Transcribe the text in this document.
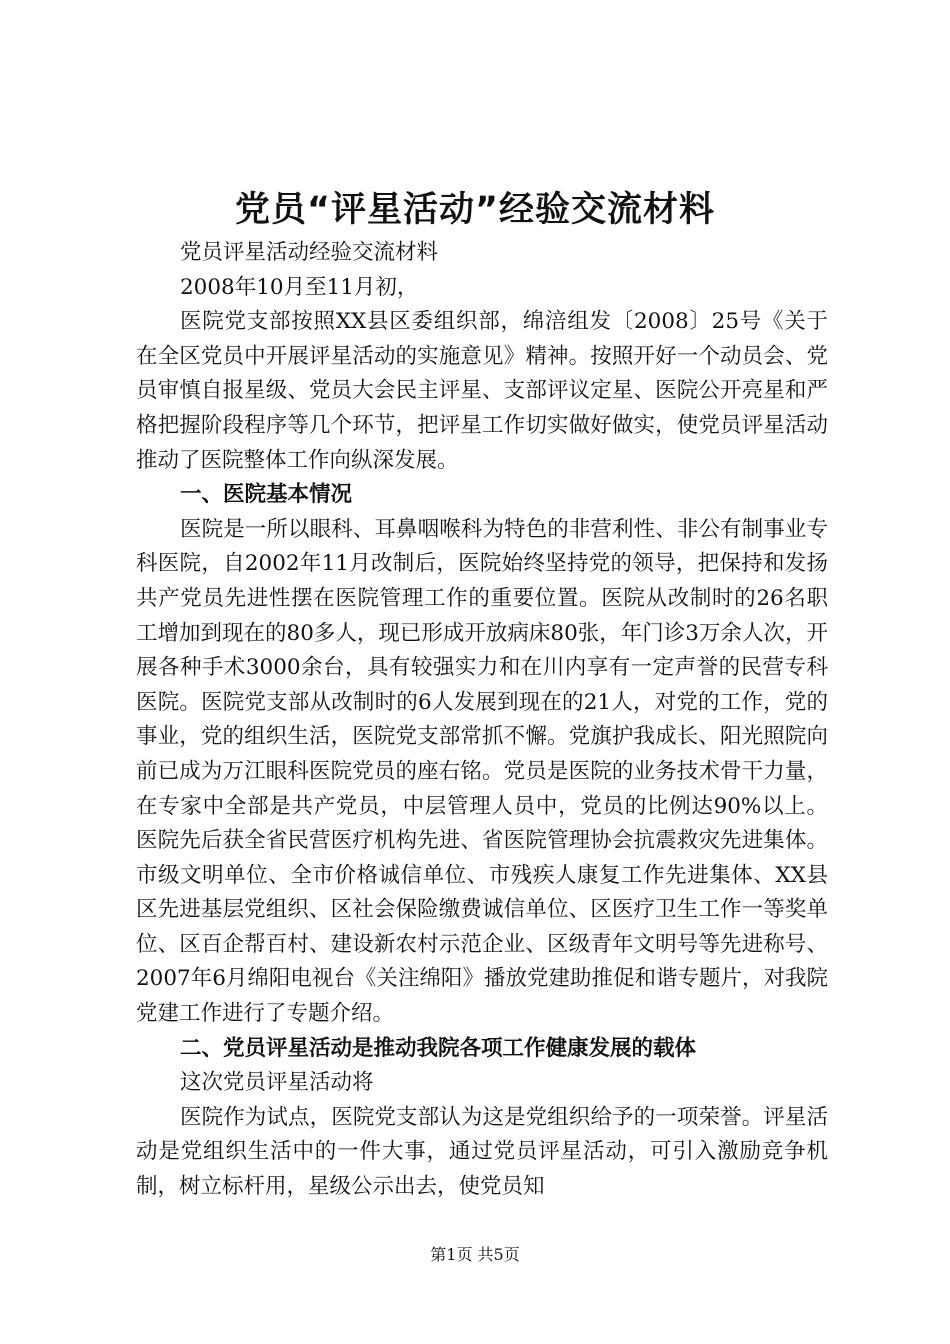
党员“评星活动”经验交流材料

党员评星活动经验交流材料

2008年10月至11月初，

医院党支部按照XX县区委组织部，绵涪组发〔2008〕25号《关于在全区党员中开展评星活动的实施意见》精神。按照开好一个动员会、党员审慎自报星级、党员大会民主评星、支部评议定星、医院公开亮星和严格把握阶段程序等几个环节，把评星工作切实做好做实，使党员评星活动推动了医院整体工作向纵深发展。

一、医院基本情况

医院是一所以眼科、耳鼻咽喉科为特色的非营利性、非公有制事业专科医院，自2002年11月改制后，医院始终坚持党的领导，把保持和发扬共产党员先进性摆在医院管理工作的重要位置。医院从改制时的26名职工增加到现在的80多人，现已形成开放病床80张，年门诊3万余人次，开展各种手术3000余台，具有较强实力和在川内享有一定声誉的民营专科医院。医院党支部从改制时的6人发展到现在的21人，对党的工作，党的事业，党的组织生活，医院党支部常抓不懈。党旗护我成长、阳光照院向前已成为万江眼科医院党员的座右铭。党员是医院的业务技术骨干力量，在专家中全部是共产党员，中层管理人员中，党员的比例达90%以上。医院先后获全省民营医疗机构先进、省医院管理协会抗震救灾先进集体。市级文明单位、全市价格诚信单位、市残疾人康复工作先进集体、XX县区先进基层党组织、区社会保险缴费诚信单位、区医疗卫生工作一等奖单位、区百企帮百村、建设新农村示范企业、区级青年文明号等先进称号、2007年6月绵阳电视台《关注绵阳》播放党建助推促和谐专题片，对我院党建工作进行了专题介绍。

二、党员评星活动是推动我院各项工作健康发展的载体

这次党员评星活动将

医院作为试点，医院党支部认为这是党组织给予的一项荣誉。评星活动是党组织生活中的一件大事，通过党员评星活动，可引入激励竞争机制，树立标杆用，星级公示出去，使党员知

第1页 共5页
